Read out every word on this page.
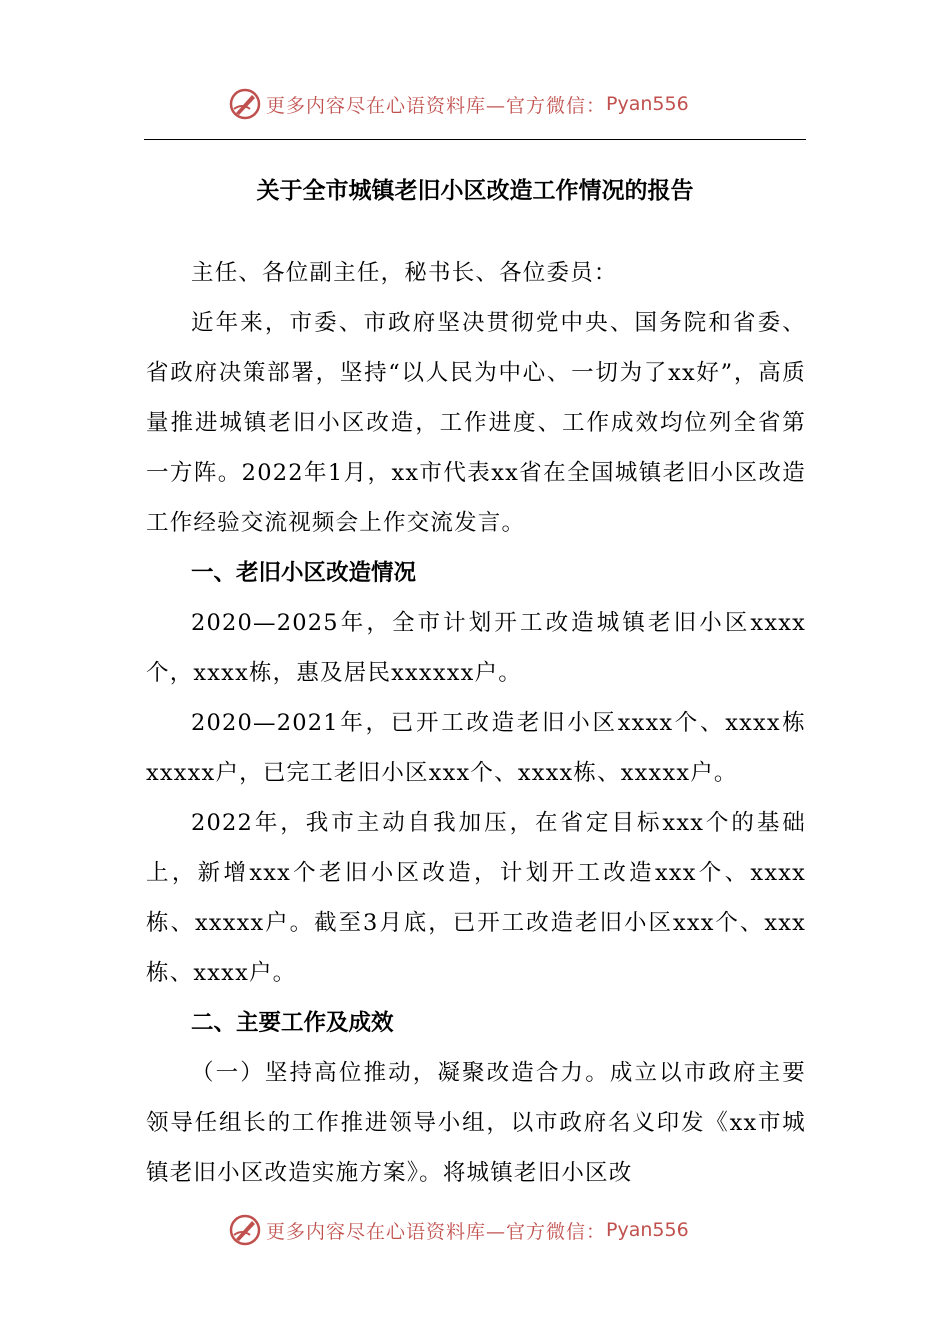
更多内容尽在心语资料库—官方微信： Pyan556
关于全市城镇老旧小区改造工作情况的报告

主任、各位副主任，秘书长、各位委员：

近年来，市委、市政府坚决贯彻党中央、国务院和省委、省政府决策部署，坚持“以人民为中心、一切为了xx好”，高质量推进城镇老旧小区改造，工作进度、工作成效均位列全省第一方阵。2022年1月，xx市代表xx省在全国城镇老旧小区改造工作经验交流视频会上作交流发言。

一、老旧小区改造情况

2020—2025年，全市计划开工改造城镇老旧小区xxxx个，xxxx栋，惠及居民xxxxxx户。

2020—2021年，已开工改造老旧小区xxxx个、xxxx栋xxxxx户，已完工老旧小区xxx个、xxxx栋、xxxxx户。

2022年，我市主动自我加压，在省定目标xxx个的基础上，新增xxx个老旧小区改造，计划开工改造xxx个、xxxx栋、xxxxx户。截至3月底，已开工改造老旧小区xxx个、xxx栋、xxxx户。

二、主要工作及成效

（一）坚持高位推动，凝聚改造合力。成立以市政府主要领导任组长的工作推进领导小组，以市政府名义印发《xx市城镇老旧小区改造实施方案》。将城镇老旧小区改

更多内容尽在心语资料库—官方微信： Pyan556
